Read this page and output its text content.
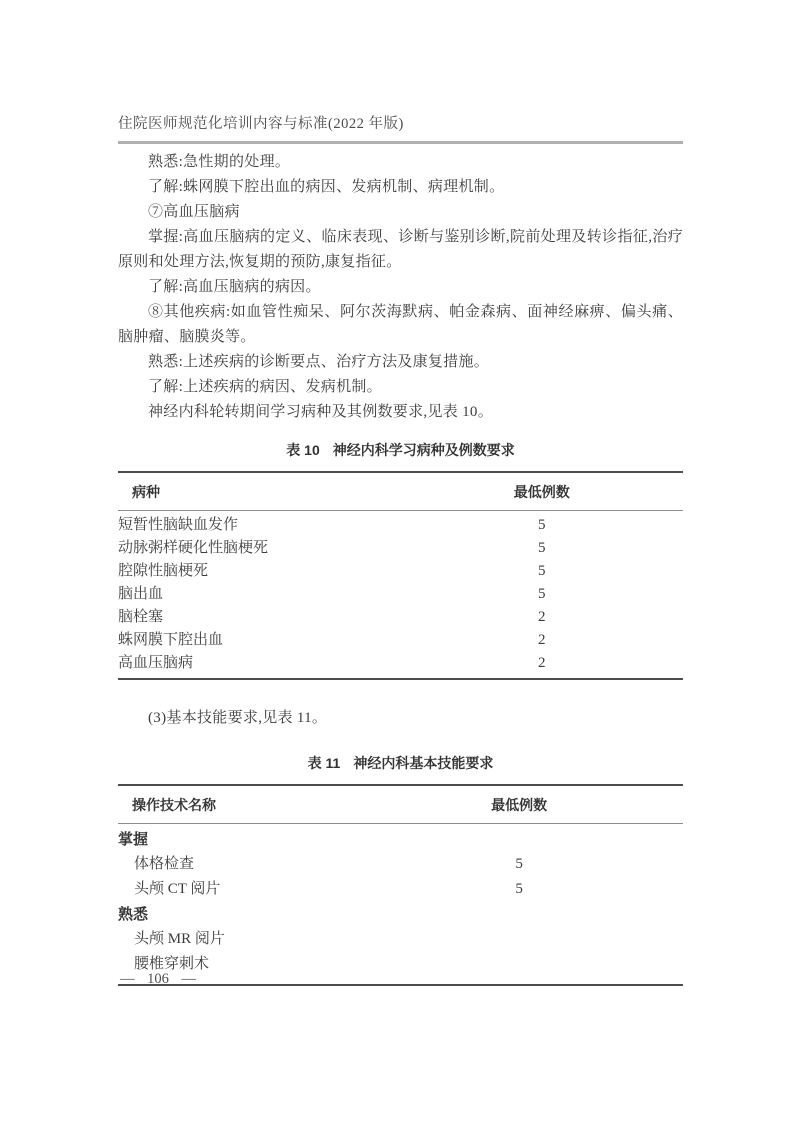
住院医师规范化培训内容与标准(2022 年版)

熟悉:急性期的处理。

了解:蛛网膜下腔出血的病因、发病机制、病理机制。

⑦高血压脑病

掌握:高血压脑病的定义、临床表现、诊断与鉴别诊断,院前处理及转诊指征,治疗原则和处理方法,恢复期的预防,康复指征。

了解:高血压脑病的病因。

⑧其他疾病:如血管性痴呆、阿尔茨海默病、帕金森病、面神经麻痹、偏头痛、脑肿瘤、脑膜炎等。

熟悉:上述疾病的诊断要点、治疗方法及康复措施。

了解:上述疾病的病因、发病机制。

神经内科轮转期间学习病种及其例数要求,见表 10。

表 10 神经内科学习病种及例数要求
病种	最低例数	
短暂性脑缺血发作	5	
动脉粥样硬化性脑梗死	5	
腔隙性脑梗死	5	
脑出血	5	
脑栓塞	2	
蛛网膜下腔出血	2	
高血压脑病	2	

(3)基本技能要求,见表 11。

表 11 神经内科基本技能要求
操作技术名称	最低例数	
掌握		
体格检查	5	
头颅 CT 阅片	5	
熟悉		
头颅 MR 阅片		
腰椎穿刺术		
— 106 —
